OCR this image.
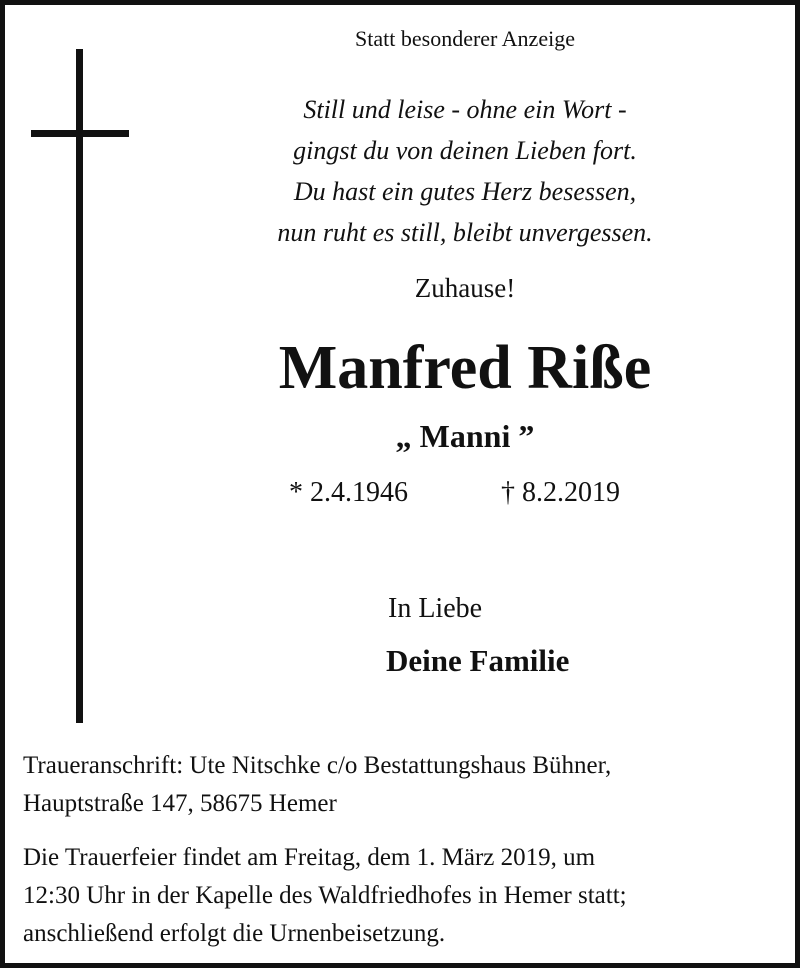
Statt besonderer Anzeige
Still und leise - ohne ein Wort -
gingst du von deinen Lieben fort.
Du hast ein gutes Herz besessen,
nun ruht es still, bleibt unvergessen.
Zuhause!
Manfred Riße
„ Manni ”
* 2.4.1946	† 8.2.2019
In Liebe
Deine Familie
Traueranschrift: Ute Nitschke c/o Bestattungshaus Bühner,
Hauptstraße 147, 58675 Hemer
Die Trauerfeier findet am Freitag, dem 1. März 2019, um
12:30 Uhr in der Kapelle des Waldfriedhofes in Hemer statt;
anschließend erfolgt die Urnenbeisetzung.
